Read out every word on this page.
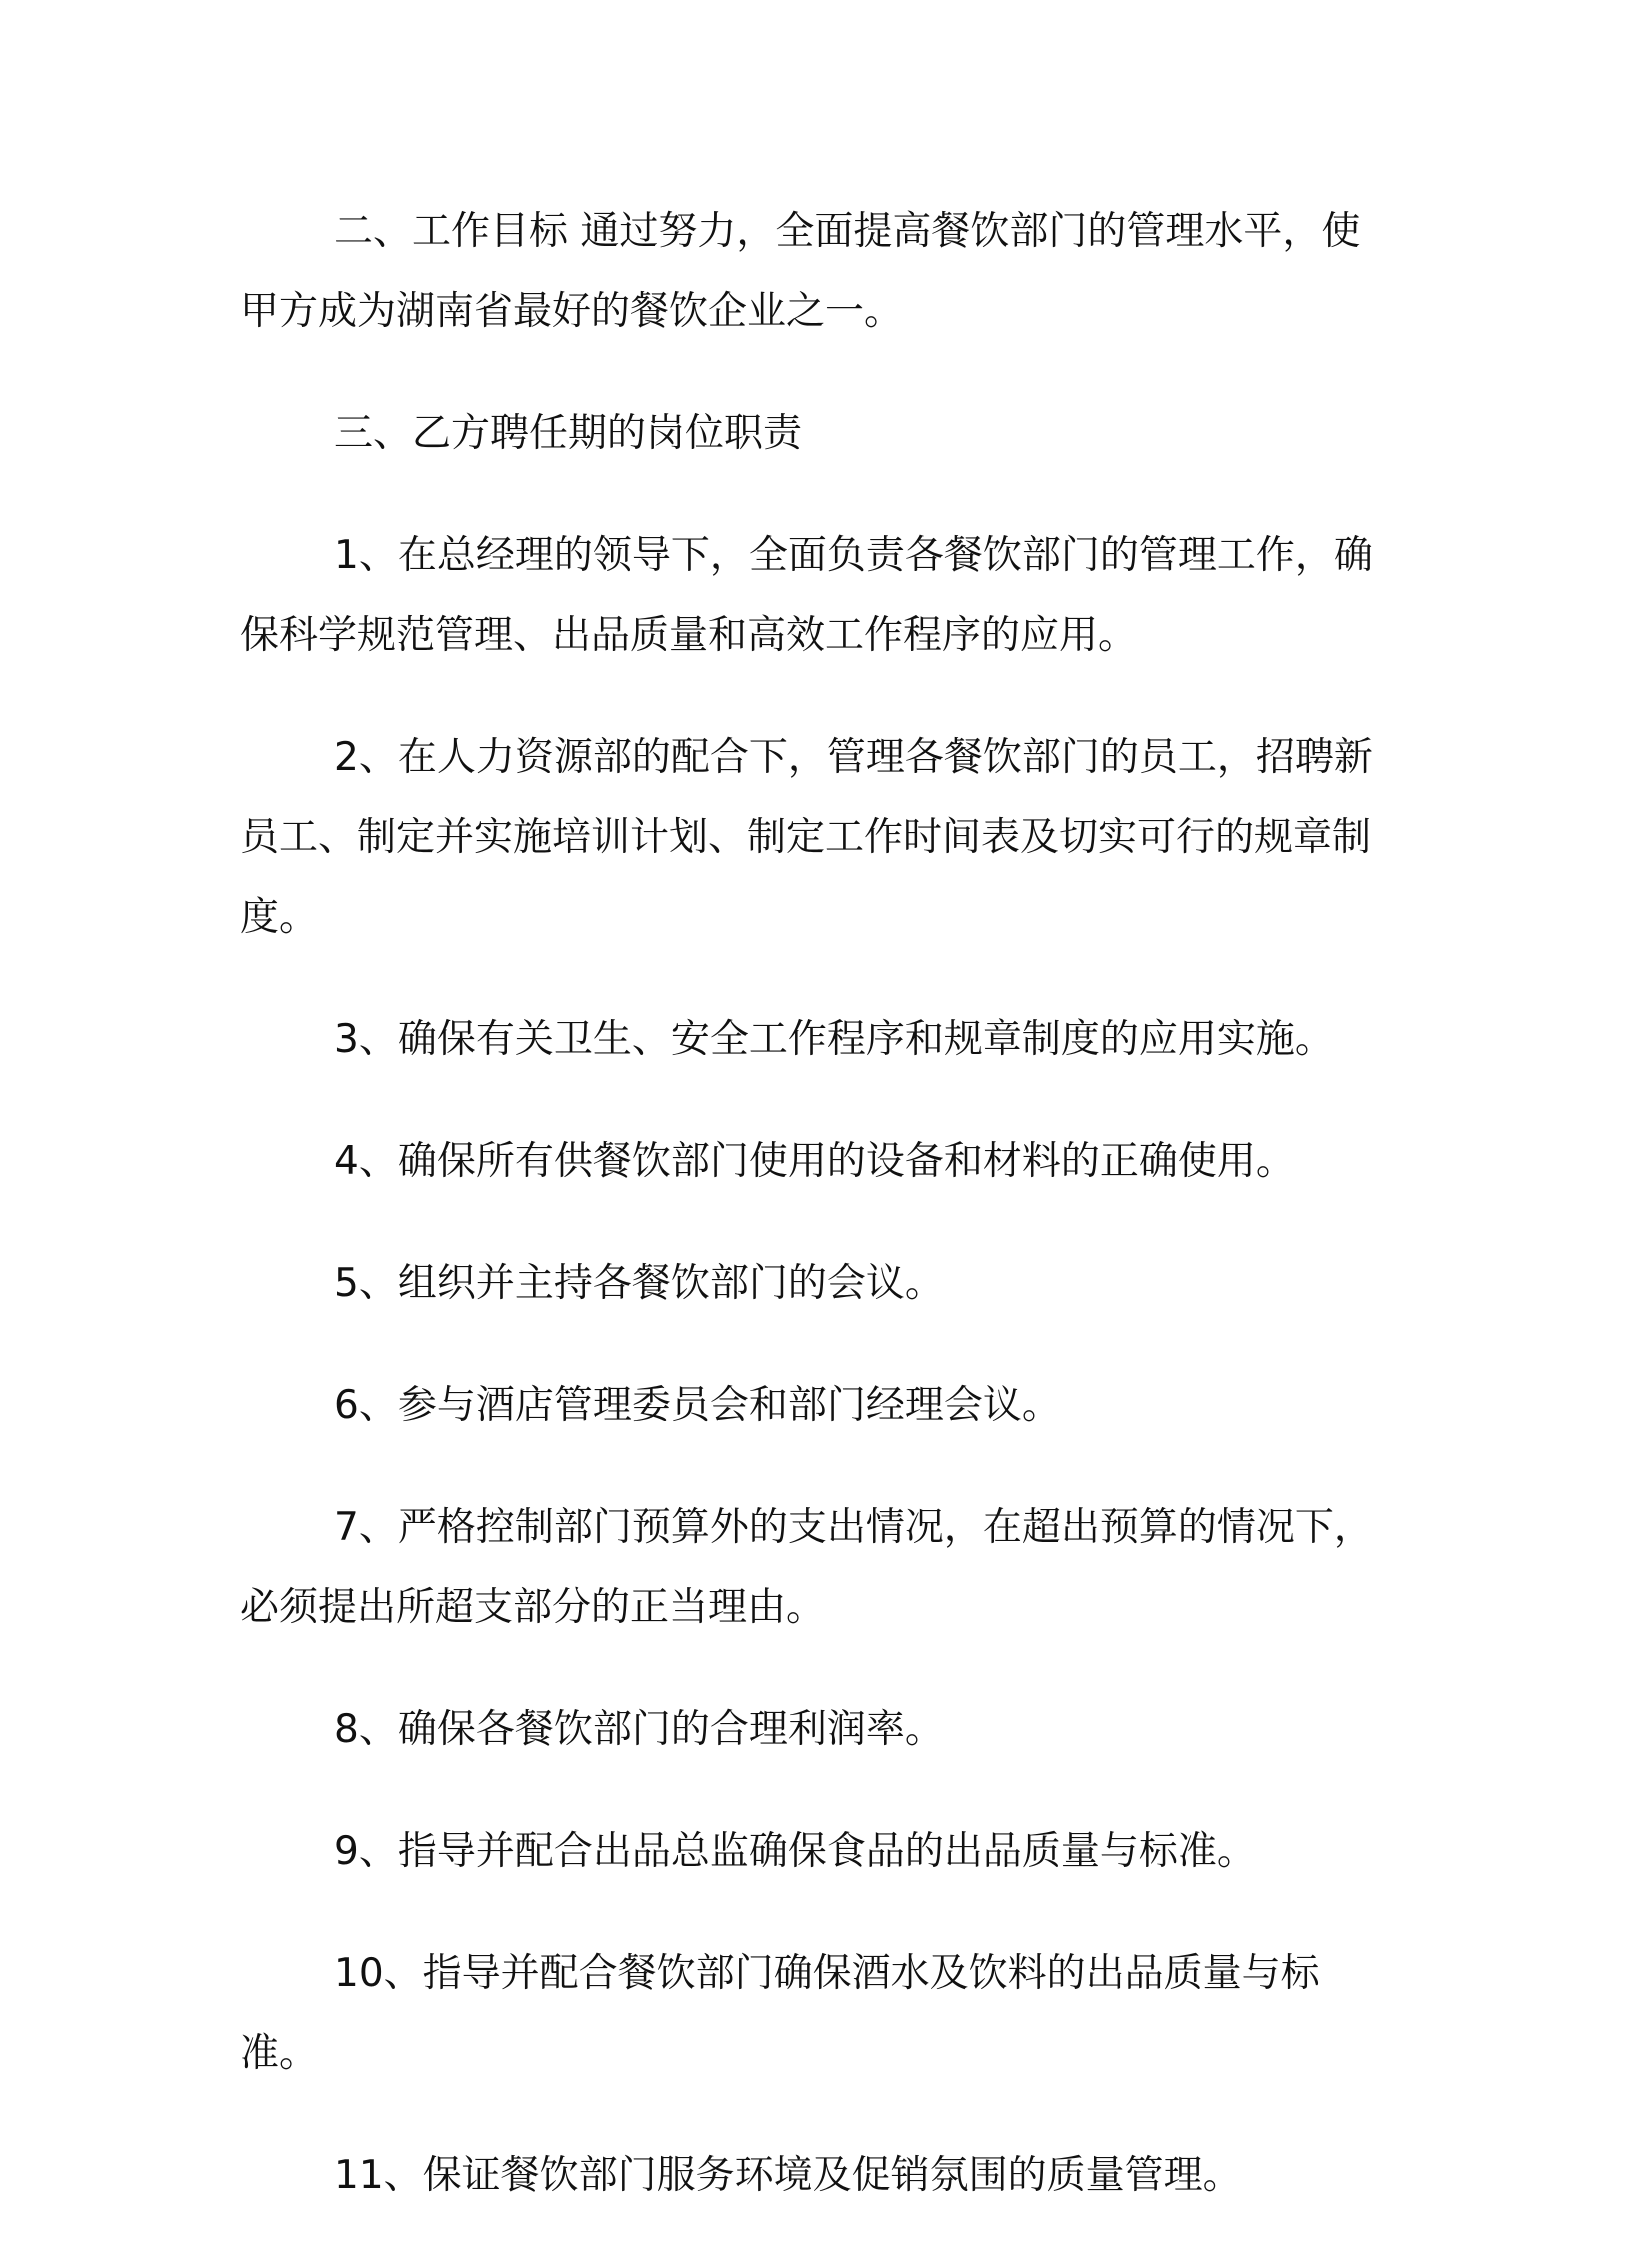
二、工作目标 通过努力，全面提高餐饮部门的管理水平，使甲方成为湖南省最好的餐饮企业之一。

三、乙方聘任期的岗位职责

1、在总经理的领导下，全面负责各餐饮部门的管理工作，确保科学规范管理、出品质量和高效工作程序的应用。

2、在人力资源部的配合下，管理各餐饮部门的员工，招聘新员工、制定并实施培训计划、制定工作时间表及切实可行的规章制度。

3、确保有关卫生、安全工作程序和规章制度的应用实施。

4、确保所有供餐饮部门使用的设备和材料的正确使用。

5、组织并主持各餐饮部门的会议。

6、参与酒店管理委员会和部门经理会议。

7、严格控制部门预算外的支出情况，在超出预算的情况下，必须提出所超支部分的正当理由。

8、确保各餐饮部门的合理利润率。

9、指导并配合出品总监确保食品的出品质量与标准。

10、指导并配合餐饮部门确保酒水及饮料的出品质量与标准。

11、保证餐饮部门服务环境及促销氛围的质量管理。
